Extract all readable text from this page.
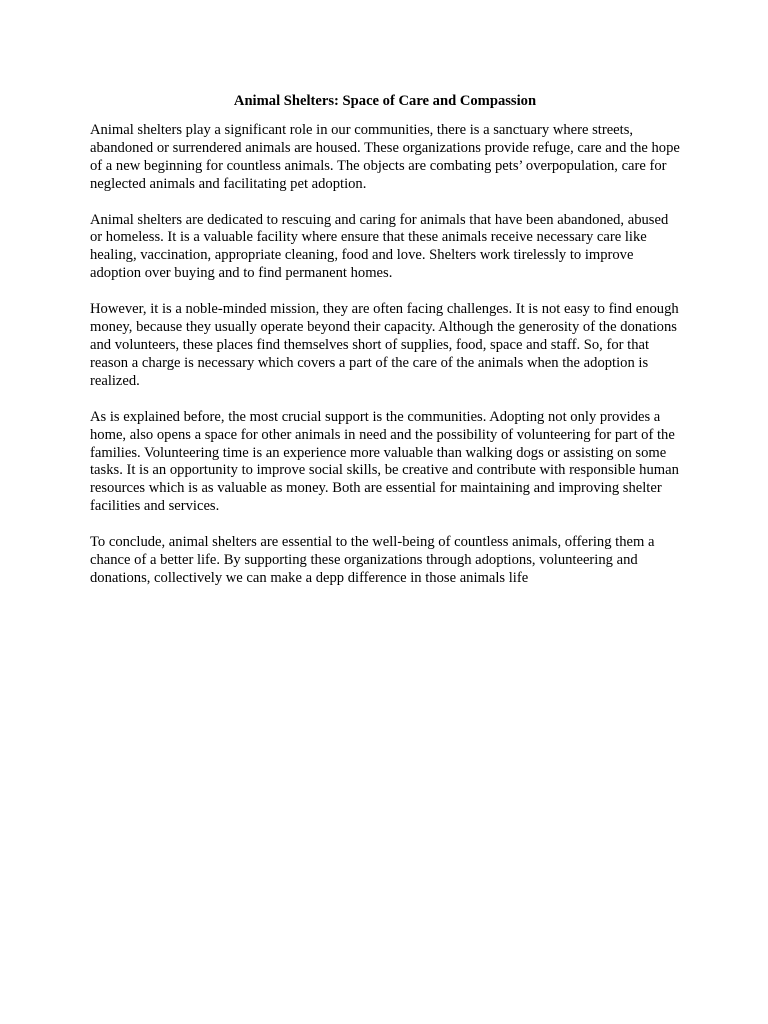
Animal Shelters: Space of Care and Compassion

Animal shelters play a significant role in our communities, there is a sanctuary where streets, abandoned or surrendered animals are housed. These organizations provide refuge, care and the hope of a new beginning for countless animals. The objects are combating pets’ overpopulation, care for neglected animals and facilitating pet adoption.

Animal shelters are dedicated to rescuing and caring for animals that have been abandoned, abused or homeless. It is a valuable facility where ensure that these animals receive necessary care like healing, vaccination, appropriate cleaning, food and love. Shelters work tirelessly to improve adoption over buying and to find permanent homes.

However, it is a noble-minded mission, they are often facing challenges. It is not easy to find enough money, because they usually operate beyond their capacity. Although the generosity of the donations and volunteers, these places find themselves short of supplies, food, space and staff. So, for that reason a charge is necessary which covers a part of the care of the animals when the adoption is realized.

As is explained before, the most crucial support is the communities. Adopting not only provides a home, also opens a space for other animals in need and the possibility of volunteering for part of the families. Volunteering time is an experience more valuable than walking dogs or assisting on some tasks. It is an opportunity to improve social skills, be creative and contribute with responsible human resources which is as valuable as money. Both are essential for maintaining and improving shelter facilities and services.

To conclude, animal shelters are essential to the well-being of countless animals, offering them a chance of a better life. By supporting these organizations through adoptions, volunteering and donations, collectively we can make a depp difference in those animals life
